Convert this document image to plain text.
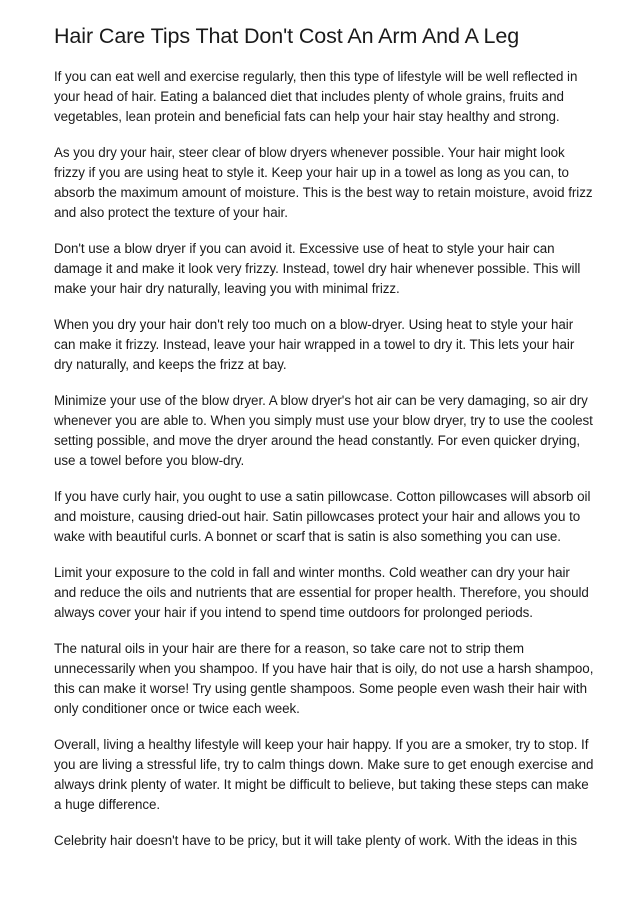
Hair Care Tips That Don't Cost An Arm And A Leg

If you can eat well and exercise regularly, then this type of lifestyle will be well reflected in your head of hair. Eating a balanced diet that includes plenty of whole grains, fruits and vegetables, lean protein and beneficial fats can help your hair stay healthy and strong.

As you dry your hair, steer clear of blow dryers whenever possible. Your hair might look frizzy if you are using heat to style it. Keep your hair up in a towel as long as you can, to absorb the maximum amount of moisture. This is the best way to retain moisture, avoid frizz and also protect the texture of your hair.

Don't use a blow dryer if you can avoid it. Excessive use of heat to style your hair can damage it and make it look very frizzy. Instead, towel dry hair whenever possible. This will make your hair dry naturally, leaving you with minimal frizz.

When you dry your hair don't rely too much on a blow-dryer. Using heat to style your hair can make it frizzy. Instead, leave your hair wrapped in a towel to dry it. This lets your hair dry naturally, and keeps the frizz at bay.

Minimize your use of the blow dryer. A blow dryer's hot air can be very damaging, so air dry whenever you are able to. When you simply must use your blow dryer, try to use the coolest setting possible, and move the dryer around the head constantly. For even quicker drying, use a towel before you blow-dry.

If you have curly hair, you ought to use a satin pillowcase. Cotton pillowcases will absorb oil and moisture, causing dried-out hair. Satin pillowcases protect your hair and allows you to wake with beautiful curls. A bonnet or scarf that is satin is also something you can use.

Limit your exposure to the cold in fall and winter months. Cold weather can dry your hair and reduce the oils and nutrients that are essential for proper health. Therefore, you should always cover your hair if you intend to spend time outdoors for prolonged periods.

The natural oils in your hair are there for a reason, so take care not to strip them unnecessarily when you shampoo. If you have hair that is oily, do not use a harsh shampoo, this can make it worse! Try using gentle shampoos. Some people even wash their hair with only conditioner once or twice each week.

Overall, living a healthy lifestyle will keep your hair happy. If you are a smoker, try to stop. If you are living a stressful life, try to calm things down. Make sure to get enough exercise and always drink plenty of water. It might be difficult to believe, but taking these steps can make a huge difference.

Celebrity hair doesn't have to be pricy, but it will take plenty of work. With the ideas in this
